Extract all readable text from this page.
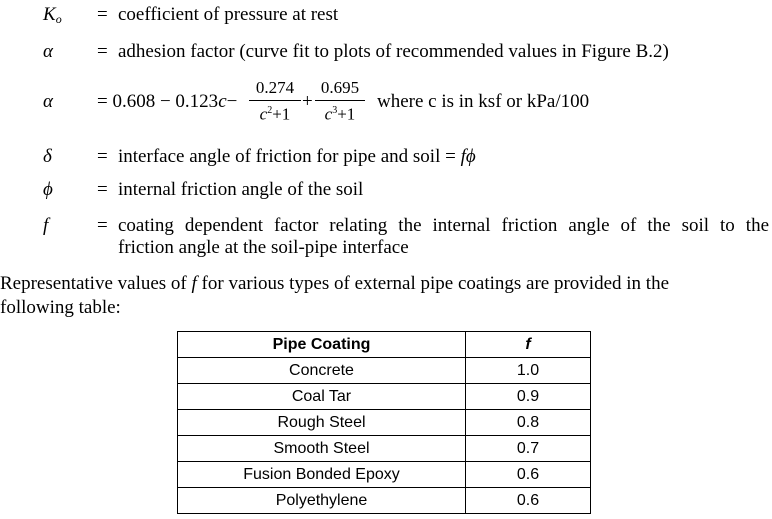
$K_o$	= coefficient of pressure at rest
α	= adhesion factor (curve fit to plots of recommended values in Figure B.2)
α	= $0.608 - 0.123c- \frac{0.274}{c^2+1} + \frac{0.695}{c^3+1}$ where c is in ksf or kPa/100
δ	= interface angle of friction for pipe and soil = fϕ
ϕ	= internal friction angle of the soil
f	= coating dependent factor relating the internal friction angle of the soil to the
friction angle at the soil-pipe interface
Representative values of f for various types of external pipe coatings are provided in the
following table:
Pipe Coating	f
Concrete	1.0
Coal Tar	0.9
Rough Steel	0.8
Smooth Steel	0.7
Fusion Bonded Epoxy	0.6
Polyethylene	0.6
